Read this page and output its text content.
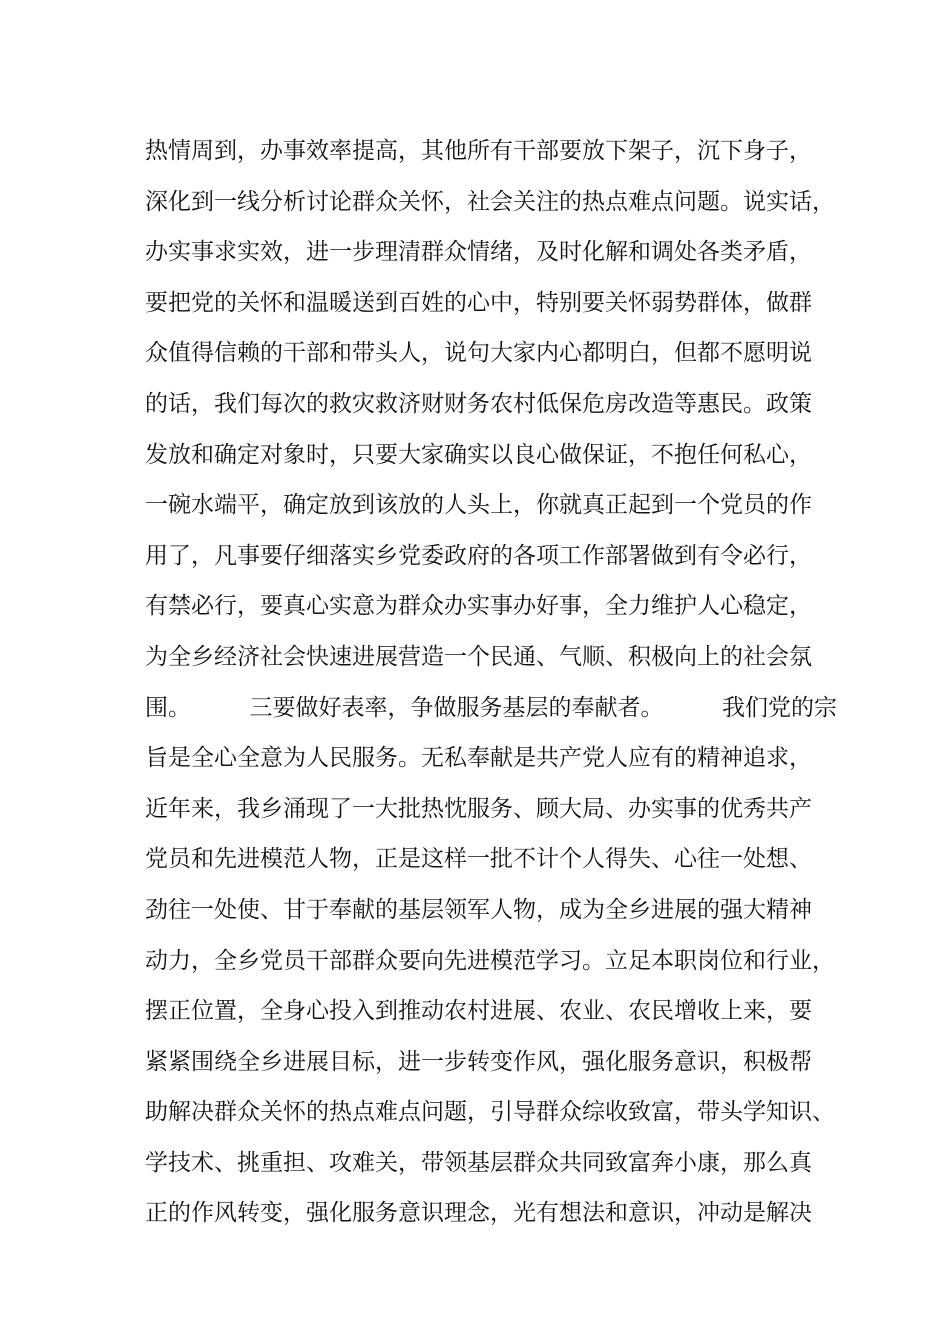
热情周到，办事效率提高，其他所有干部要放下架子，沉下身子，
深化到一线分析讨论群众关怀，社会关注的热点难点问题。说实话，
办实事求实效，进一步理清群众情绪，及时化解和调处各类矛盾，
要把党的关怀和温暖送到百姓的心中，特别要关怀弱势群体，做群
众值得信赖的干部和带头人，说句大家内心都明白，但都不愿明说
的话，我们每次的救灾救济财财务农村低保危房改造等惠民。政策
发放和确定对象时，只要大家确实以良心做保证，不抱任何私心，
一碗水端平，确定放到该放的人头上，你就真正起到一个党员的作
用了，凡事要仔细落实乡党委政府的各项工作部署做到有令必行，
有禁必行，要真心实意为群众办实事办好事，全力维护人心稳定，
为全乡经济社会快速进展营造一个民通、气顺、积极向上的社会氛
围。        三要做好表率，争做服务基层的奉献者。        我们党的宗
旨是全心全意为人民服务。无私奉献是共产党人应有的精神追求，
近年来，我乡涌现了一大批热忱服务、顾大局、办实事的优秀共产
党员和先进模范人物，正是这样一批不计个人得失、心往一处想、
劲往一处使、甘于奉献的基层领军人物，成为全乡进展的强大精神
动力，全乡党员干部群众要向先进模范学习。立足本职岗位和行业，
摆正位置，全身心投入到推动农村进展、农业、农民增收上来，要
紧紧围绕全乡进展目标，进一步转变作风，强化服务意识，积极帮
助解决群众关怀的热点难点问题，引导群众综收致富，带头学知识、
学技术、挑重担、攻难关，带领基层群众共同致富奔小康，那么真
正的作风转变，强化服务意识理念，光有想法和意识，冲动是解决
